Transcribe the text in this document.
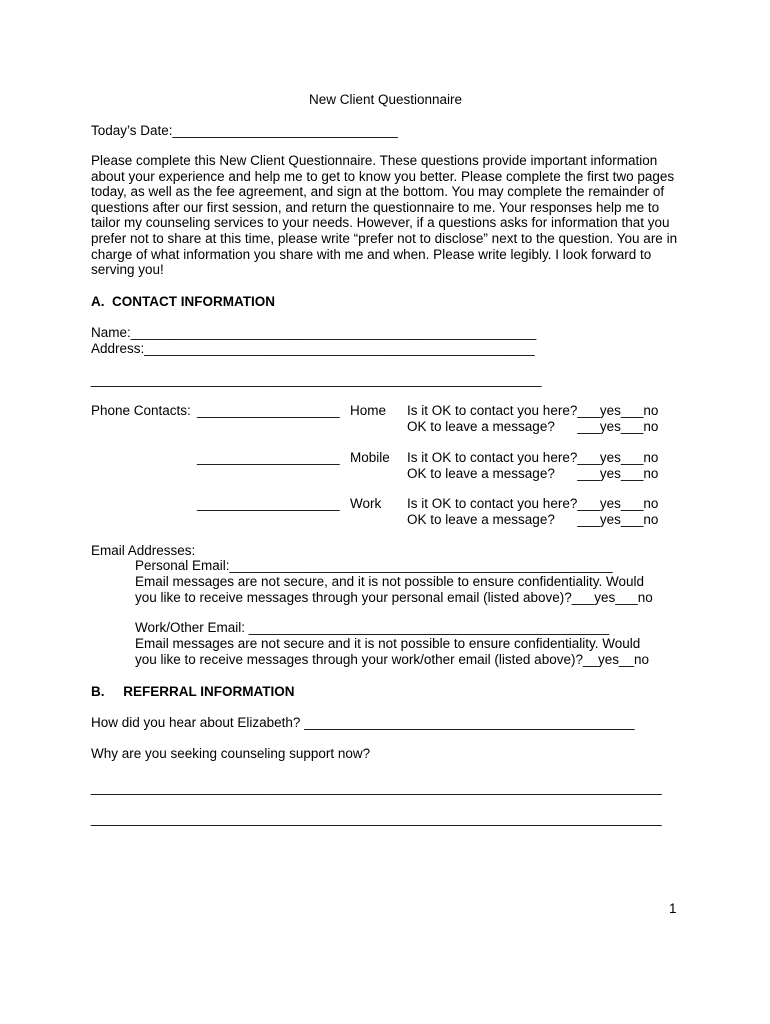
New Client Questionnaire
Today’s Date:______________________________
Please complete this New Client Questionnaire. These questions provide important information about your experience and help me to get to know you better. Please complete the first two pages today, as well as the fee agreement, and sign at the bottom. You may complete the remainder of questions after our first session, and return the questionnaire to me. Your responses help me to tailor my counseling services to your needs. However, if a questions asks for information that you prefer not to share at this time, please write “prefer not to disclose” next to the question. You are in charge of what information you share with me and when. Please write legibly. I look forward to serving you!
A.  CONTACT INFORMATION
Name:______________________________________________________
Address:____________________________________________________
____________________________________________________________
Phone Contacts: ___________________ Home Is it OK to contact you here?___yes___no
OK to leave a message?      ___yes___no
___________________ Mobile Is it OK to contact you here?___yes___no
OK to leave a message?      ___yes___no
___________________ Work Is it OK to contact you here?___yes___no
OK to leave a message?      ___yes___no
Email Addresses:
Personal Email:___________________________________________________
Email messages are not secure, and it is not possible to ensure confidentiality. Would
you like to receive messages through your personal email (listed above)?___yes___no
Work/Other Email: ________________________________________________
Email messages are not secure and it is not possible to ensure confidentiality. Would
you like to receive messages through your work/other email (listed above)?__yes__no
B.     REFERRAL INFORMATION
How did you hear about Elizabeth? ____________________________________________
Why are you seeking counseling support now?
____________________________________________________________________________
____________________________________________________________________________
1
